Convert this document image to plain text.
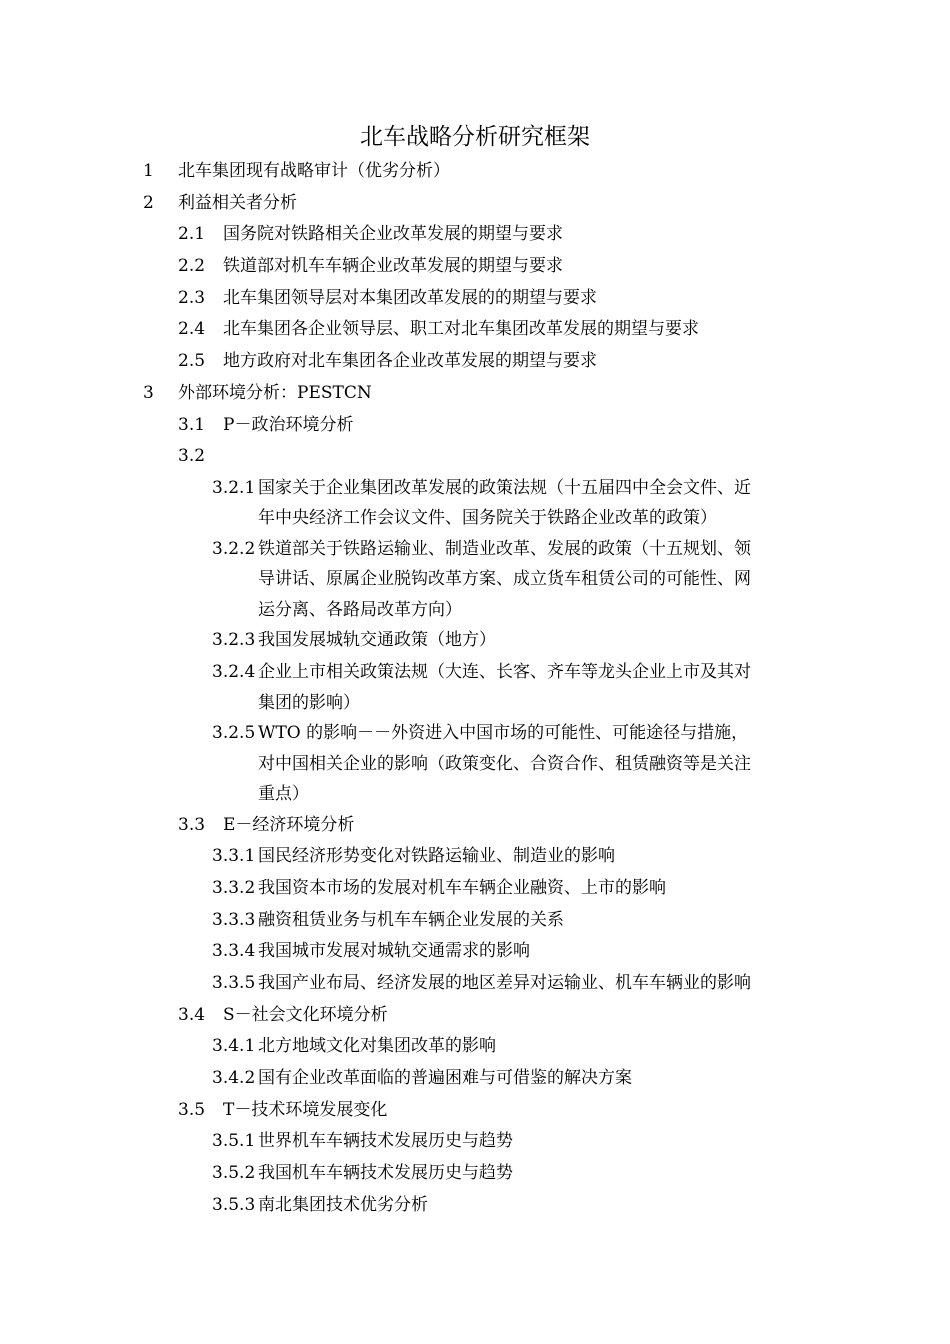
北车战略分析研究框架
1 北车集团现有战略审计（优劣分析）
2 利益相关者分析
2.1 国务院对铁路相关企业改革发展的期望与要求
2.2 铁道部对机车车辆企业改革发展的期望与要求
2.3 北车集团领导层对本集团改革发展的的期望与要求
2.4 北车集团各企业领导层、职工对北车集团改革发展的期望与要求
2.5 地方政府对北车集团各企业改革发展的期望与要求
3 外部环境分析：PESTCN
3.1 P－政治环境分析
3.2
3.2.1 国家关于企业集团改革发展的政策法规（十五届四中全会文件、近
年中央经济工作会议文件、国务院关于铁路企业改革的政策）
3.2.2 铁道部关于铁路运输业、制造业改革、发展的政策（十五规划、领
导讲话、原属企业脱钩改革方案、成立货车租赁公司的可能性、网
运分离、各路局改革方向）
3.2.3 我国发展城轨交通政策（地方）
3.2.4 企业上市相关政策法规（大连、长客、齐车等龙头企业上市及其对
集团的影响）
3.2.5 WTO 的影响－－外资进入中国市场的可能性、可能途径与措施，
对中国相关企业的影响（政策变化、合资合作、租赁融资等是关注
重点）
3.3 E－经济环境分析
3.3.1 国民经济形势变化对铁路运输业、制造业的影响
3.3.2 我国资本市场的发展对机车车辆企业融资、上市的影响
3.3.3 融资租赁业务与机车车辆企业发展的关系
3.3.4 我国城市发展对城轨交通需求的影响
3.3.5 我国产业布局、经济发展的地区差异对运输业、机车车辆业的影响
3.4 S－社会文化环境分析
3.4.1 北方地域文化对集团改革的影响
3.4.2 国有企业改革面临的普遍困难与可借鉴的解决方案
3.5 T－技术环境发展变化
3.5.1 世界机车车辆技术发展历史与趋势
3.5.2 我国机车车辆技术发展历史与趋势
3.5.3 南北集团技术优劣分析
